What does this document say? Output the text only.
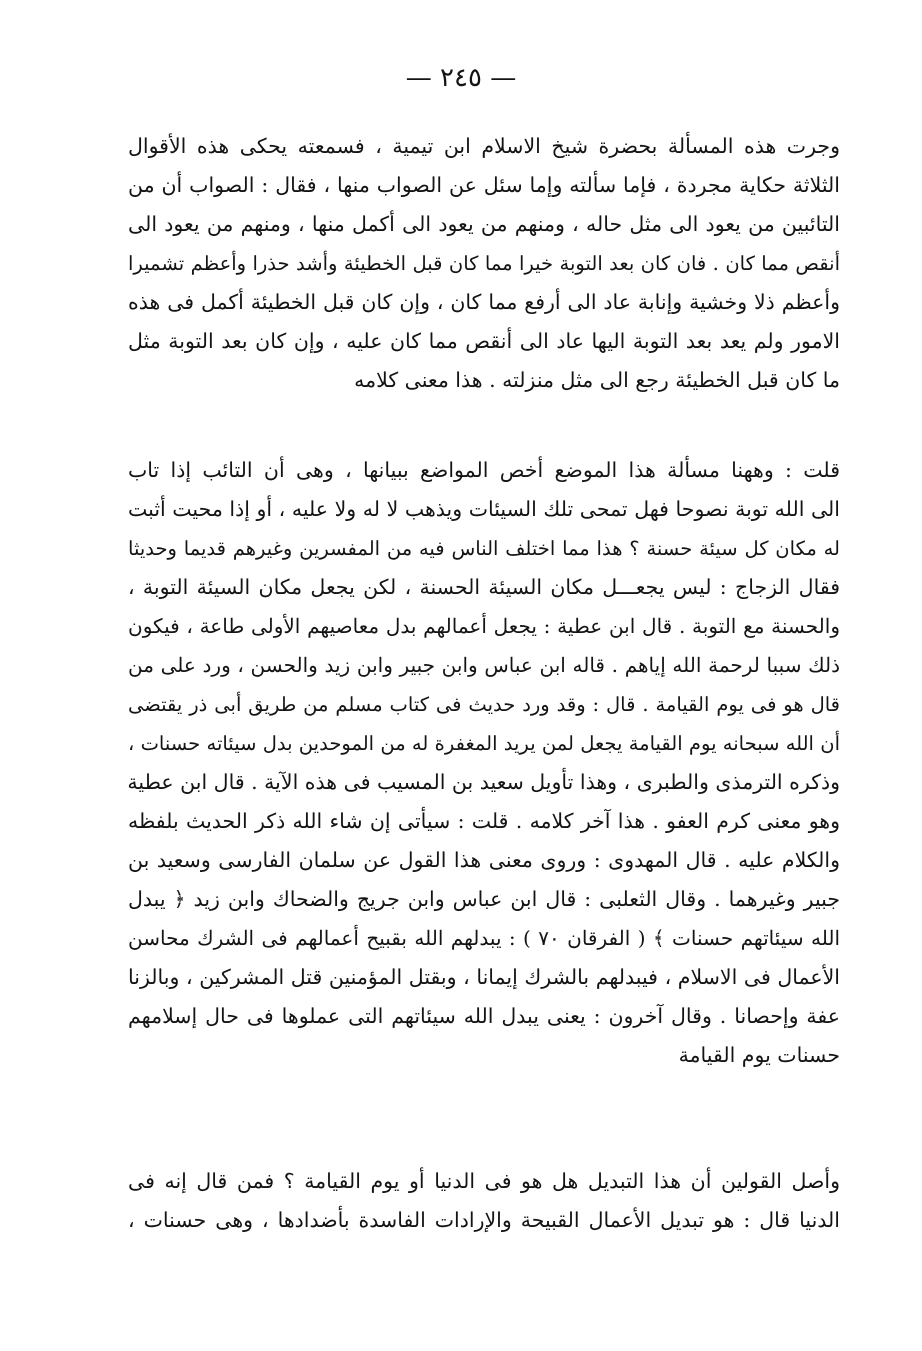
— ٢٤٥ —
وجرت هذه المسألة بحضرة شيخ الاسلام ابن تيمية ، فسمعته يحكى هذه الأقوال
الثلاثة حكاية مجردة ، فإما سألته وإما سئل عن الصواب منها ، فقال : الصواب أن من
التائبين من يعود الى مثل حاله ، ومنهم من يعود الى أكمل منها ، ومنهم من يعود الى
أنقص مما كان . فان كان بعد التوبة خيرا مما كان قبل الخطيئة وأشد حذرا وأعظم تشميرا
وأعظم ذلا وخشية وإنابة عاد الى أرفع مما كان ، وإن كان قبل الخطيئة أكمل فى هذه
الامور ولم يعد بعد التوبة اليها عاد الى أنقص مما كان عليه ، وإن كان بعد التوبة مثل
ما كان قبل الخطيئة رجع الى مثل منزلته . هذا معنى كلامه
قلت : وههنا مسألة هذا الموضع أخص المواضع ببيانها ، وهى أن التائب إذا تاب
الى الله توبة نصوحا فهل تمحى تلك السيئات ويذهب لا له ولا عليه ، أو إذا محيت أثبت
له مكان كل سيئة حسنة ؟ هذا مما اختلف الناس فيه من المفسرين وغيرهم قديما وحديثا
فقال الزجاج : ليس يجعـــل مكان السيئة الحسنة ، لكن يجعل مكان السيئة التوبة ،
والحسنة مع التوبة . قال ابن عطية : يجعل أعمالهم بدل معاصيهم الأولى طاعة ، فيكون
ذلك سببا لرحمة الله إياهم . قاله ابن عباس وابن جبير وابن زيد والحسن ، ورد على من
قال هو فى يوم القيامة . قال : وقد ورد حديث فى كتاب مسلم من طريق أبى ذر يقتضى
أن الله سبحانه يوم القيامة يجعل لمن يريد المغفرة له من الموحدين بدل سيئاته حسنات ،
وذكره الترمذى والطبرى ، وهذا تأويل سعيد بن المسيب فى هذه الآية . قال ابن عطية
وهو معنى كرم العفو . هذا آخر كلامه . قلت : سيأتى إن شاء الله ذكر الحديث بلفظه
والكلام عليه . قال المهدوى : وروى معنى هذا القول عن سلمان الفارسى وسعيد بن
جبير وغيرهما . وقال الثعلبى : قال ابن عباس وابن جريج والضحاك وابن زيد ﴿ يبدل
الله سيئاتهم حسنات ﴾ ( الفرقان ٧٠ ) : يبدلهم الله بقبيح أعمالهم فى الشرك محاسن
الأعمال فى الاسلام ، فيبدلهم بالشرك إيمانا ، وبقتل المؤمنين قتل المشركين ، وبالزنا
عفة وإحصانا . وقال آخرون : يعنى يبدل الله سيئاتهم التى عملوها فى حال إسلامهم
حسنات يوم القيامة
وأصل القولين أن هذا التبديل هل هو فى الدنيا أو يوم القيامة ؟ فمن قال إنه فى
الدنيا قال : هو تبديل الأعمال القبيحة والإرادات الفاسدة بأضدادها ، وهى حسنات ،
